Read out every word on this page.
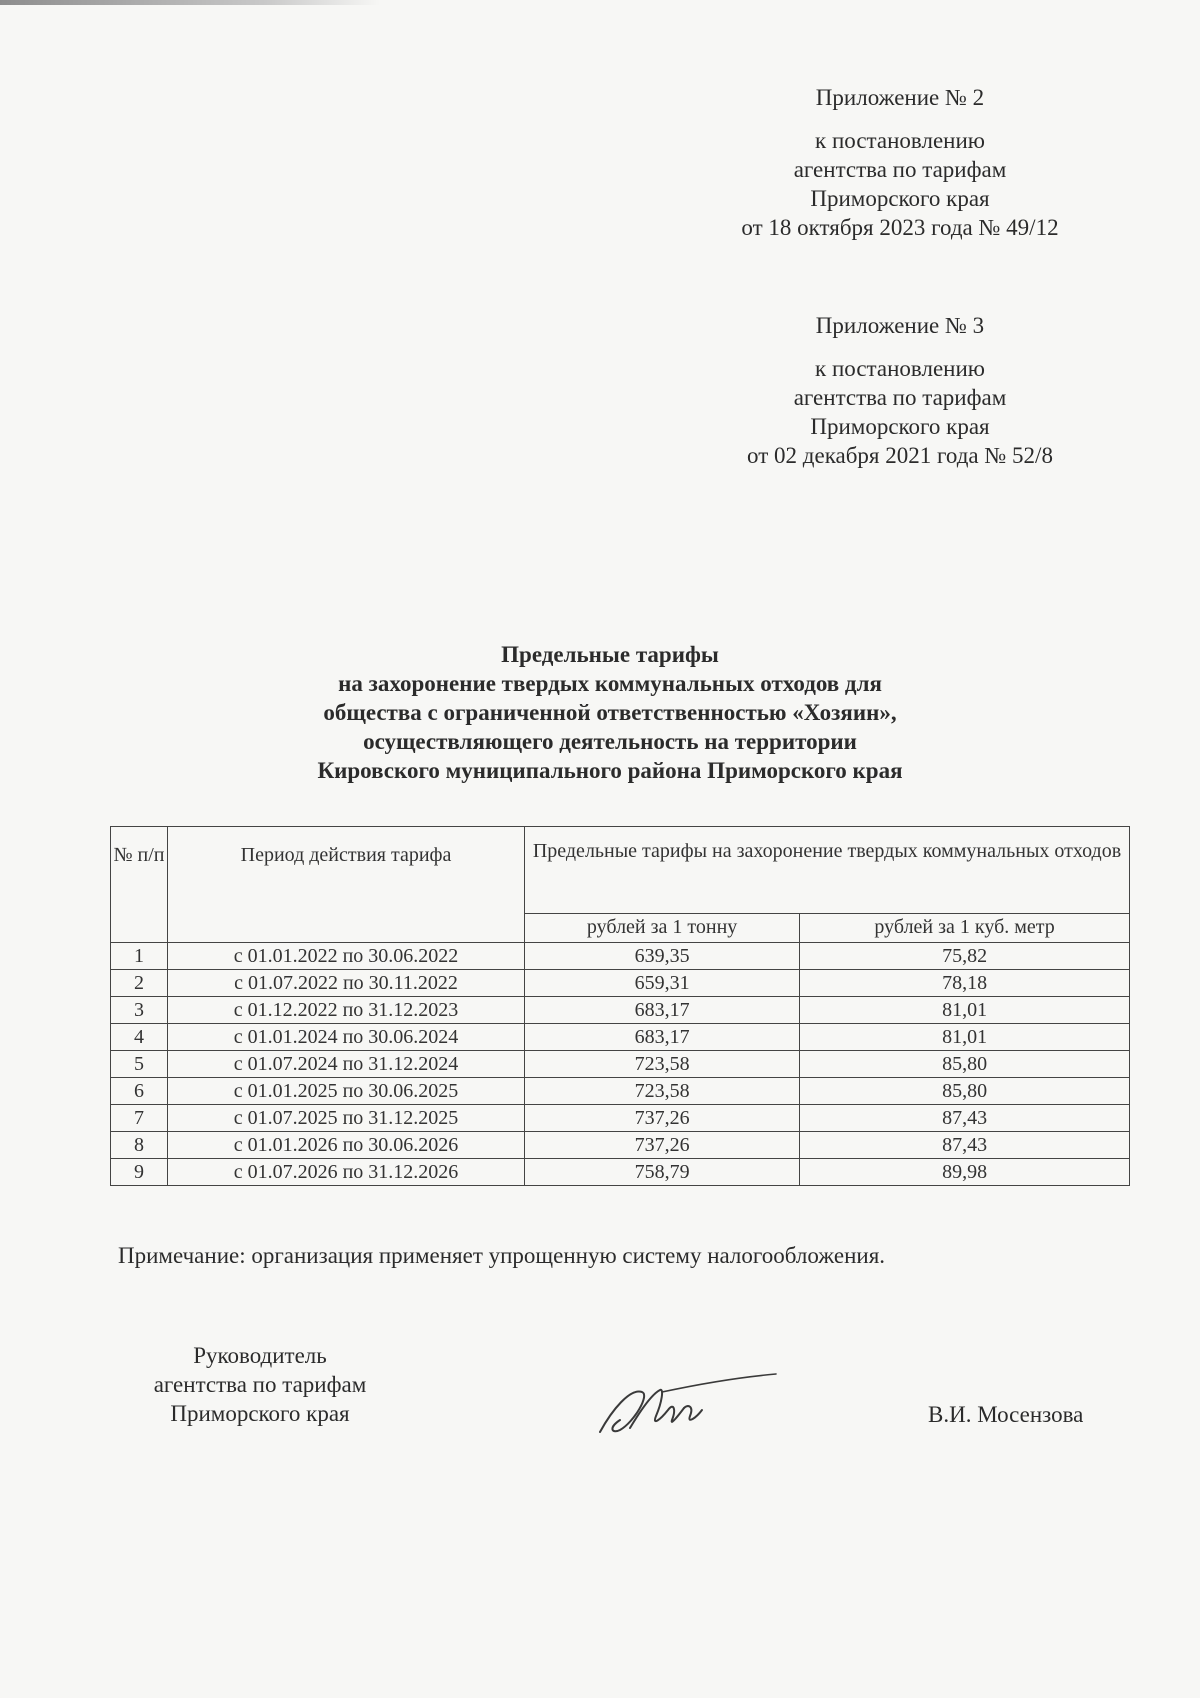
Приложение № 2
к постановлению
агентства по тарифам
Приморского края
от 18 октября 2023 года № 49/12
Приложение № 3
к постановлению
агентства по тарифам
Приморского края
от 02 декабря 2021 года № 52/8
Предельные тарифы
на захоронение твердых коммунальных отходов для
общества с ограниченной ответственностью «Хозяин»,
осуществляющего деятельность на территории
Кировского муниципального района Приморского края
№ п/п	Период действия тарифа	Предельные тарифы на захоронение твердых коммунальных отходов	
		рублей за 1 тонну	рублей за 1 куб. метр
1	с 01.01.2022 по 30.06.2022	639,35	75,82
2	с 01.07.2022 по 30.11.2022	659,31	78,18
3	с 01.12.2022 по 31.12.2023	683,17	81,01
4	с 01.01.2024 по 30.06.2024	683,17	81,01
5	с 01.07.2024 по 31.12.2024	723,58	85,80
6	с 01.01.2025 по 30.06.2025	723,58	85,80
7	с 01.07.2025 по 31.12.2025	737,26	87,43
8	с 01.01.2026 по 30.06.2026	737,26	87,43
9	с 01.07.2026 по 31.12.2026	758,79	89,98
Примечание: организация применяет упрощенную систему налогообложения.
Руководитель
агентства по тарифам
Приморского края	В.И. Мосензова
